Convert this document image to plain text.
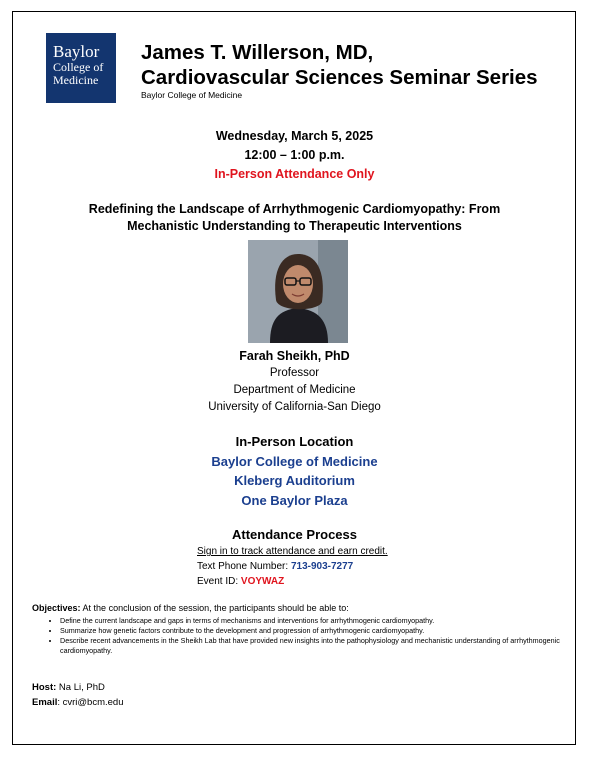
Baylor
College of
Medicine
James T. Willerson, MD,
Cardiovascular Sciences Seminar Series
Baylor College of Medicine
Wednesday, March 5, 2025
12:00 – 1:00 p.m.
In-Person Attendance Only
Redefining the Landscape of Arrhythmogenic Cardiomyopathy: From
Mechanistic Understanding to Therapeutic Interventions
Farah Sheikh, PhD
Professor
Department of Medicine
University of California-San Diego
In-Person Location
Baylor College of Medicine
Kleberg Auditorium
One Baylor Plaza
Attendance Process
Sign in to track attendance and earn credit.
Text Phone Number: 713-903-7277
Event ID: VOYWAZ
Objectives: At the conclusion of the session, the participants should be able to:
• Define the current landscape and gaps in terms of mechanisms and interventions for arrhythmogenic cardiomyopathy.
• Summarize how genetic factors contribute to the development and progression of arrhythmogenic cardiomyopathy.
• Describe recent advancements in the Sheikh Lab that have provided new insights into the pathophysiology and mechanistic understanding of arrhythmogenic cardiomyopathy.
Host: Na Li, PhD
Email: cvri@bcm.edu
